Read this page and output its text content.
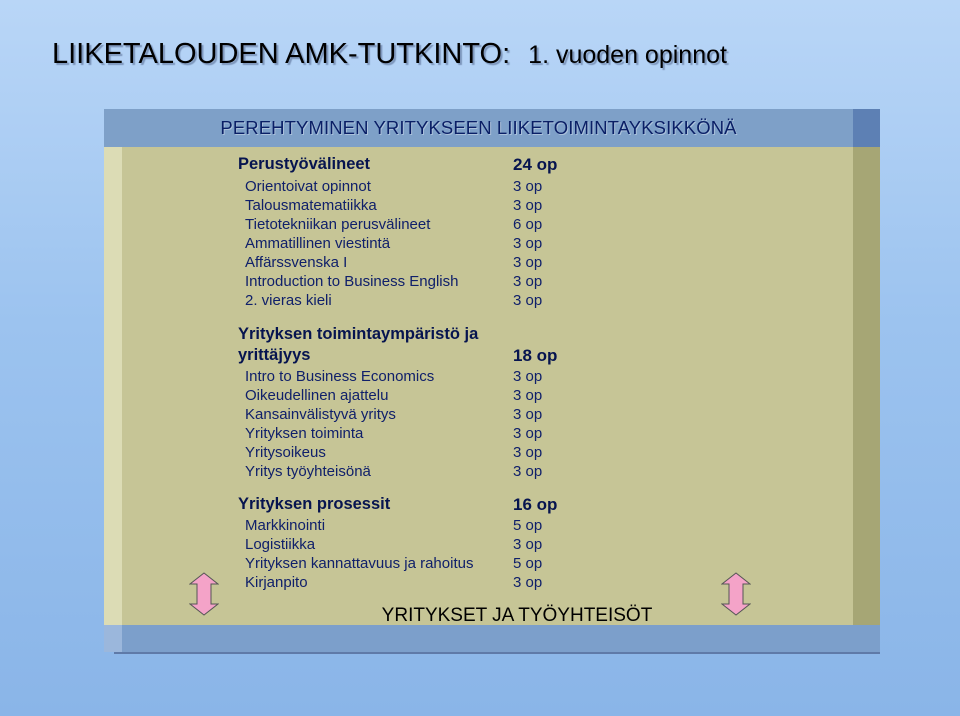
LIIKETALOUDEN AMK-TUTKINTO: 1. vuoden opinnot
PEREHTYMINEN YRITYKSEEN LIIKETOIMINTAYKSIKKÖNÄ
Perustyövälineet	24 op
Orientoivat opinnot	3 op
Talousmatematiikka	3 op
Tietotekniikan perusvälineet	6 op
Ammatillinen viestintä	3 op
Affärssvenska I	3 op
Introduction to Business English	3 op
2. vieras kieli	3 op
Yrityksen toimintaympäristö ja
yrittäjyys	18 op
Intro to Business Economics	3 op
Oikeudellinen ajattelu	3 op
Kansainvälistyvä yritys	3 op
Yrityksen toiminta	3 op
Yritysoikeus	3 op
Yritys työyhteisönä	3 op
Yrityksen prosessit	16 op
Markkinointi	5 op
Logistiikka	3 op
Yrityksen kannattavuus ja rahoitus	5 op
Kirjanpito	3 op
YRITYKSET JA TYÖYHTEISÖT
